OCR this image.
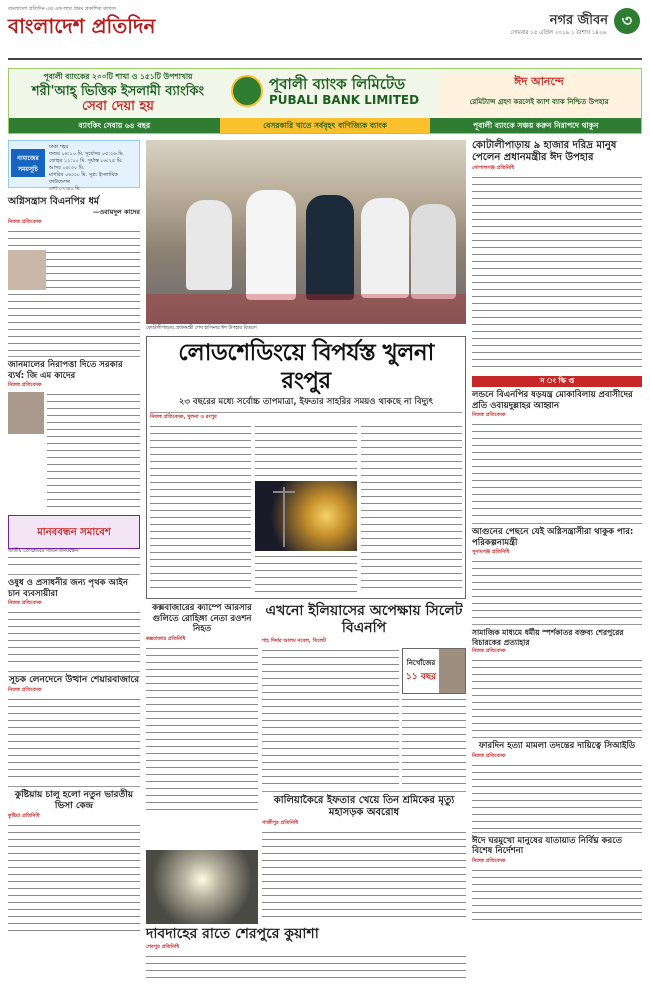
বাংলাদেশ প্রতিদিন এর এক লাখ প্রথম প্রকাশিত কাগজ
বাংলাদেশ প্রতিদিন	নগর জীবন ৩
সোমবার ১৫ এপ্রিল ২০১৯ ১ বৈশাখ ১৪২৬
পূবালী ব্যাংকের ২০০টি শাখা ও ১৫১টি উপশাখায়
শরী'আহ্ ভিত্তিক ইসলামী ব্যাংকিং
সেবা দেয়া হয়
পূবালী ব্যাংক লিমিটেড
PUBALI BANK LIMITED
ঈদ আনন্দে
রেমিট্যান্স গ্রহণ করলেই ক্যাশ ব্যাক নিশ্চিত উপহার
ব্যাংকিং সেবায় ৬৪ বছর	বেসরকারি খাতে সর্ববৃহৎ বাণিজ্যিক ব্যাংক	পূবালী ব্যাংকে সঞ্চয় করুন নিরাপদে থাকুন
নামাজের সময়সূচি
ঢাকা শহর
ফজর ০৪:১০ মি. সূর্যোদয় ০৫:২৬ মি.
জোহর ১২:১০ মি. সূর্যাস্ত ০৬:২৫ মি.
আসর ০৪:৩০ মি.
মাগরিব ০৬:৩০ মি. সূত্র: ইসলামিক ফাউন্ডেশন
এশা ০৭:৪০ মি.
অগ্নিসন্ত্রাস বিএনপির ধর্ম
—ওবায়দুল কাদের
নিজস্ব প্রতিবেদক
জানমালের নিরাপত্তা দিতে সরকার ব্যর্থ: জি এম কাদের
নিজস্ব প্রতিবেদক
মানববন্ধন সমাবেশ
জাতীয় প্রেসক্লাবের সামনে মানববন্ধন
ওষুধ ও প্রসাধনীর জন্য পৃথক আইন চান ব্যবসায়ীরা
নিজস্ব প্রতিবেদক
সূচক লেনদেনে উত্থান শেয়ারবাজারে
নিজস্ব প্রতিবেদক
কুষ্টিয়ায় চালু হলো নতুন ভারতীয় ভিসা কেন্দ্র
কুষ্টিয়া প্রতিনিধি
কোটালীপাড়ায় প্রধানমন্ত্রী শেখ হাসিনার ঈদ উপহার বিতরণ
লোডশেডিংয়ে বিপর্যস্ত খুলনা রংপুর
২৩ বছরের মধ্যে সর্বোচ্চ তাপমাত্রা, ইফতার সাহরির সময়ও থাকছে না বিদ্যুৎ
নিজস্ব প্রতিবেদক, খুলনা ও রংপুর
কক্সবাজারের ক্যাম্পে আরসার গুলিতে রোহিঙ্গা নেতা রওশন নিহত
কক্সবাজার প্রতিনিধি
এখনো ইলিয়াসের অপেক্ষায় সিলেট বিএনপি
শাহ দিদার আলম নবেল, সিলেট
নিখোঁজের
১১ বছর
কালিয়াকৈরে ইফতার খেয়ে তিন শ্রমিকের মৃত্যু মহাসড়ক অবরোধ
গাজীপুর প্রতিনিধি
দাবদাহের রাতে শেরপুরে কুয়াশা
শেরপুর প্রতিনিধি
কোটালীপাড়ায় ৯ হাজার দরিদ্র মানুষ পেলেন প্রধানমন্ত্রীর ঈদ উপহার
গোপালগঞ্জ প্রতিনিধি
স ং ক্ষি প্ত
লন্ডনে বিএনপির ষড়যন্ত্র মোকাবিলায় প্রবাসীদের প্রতি ওবায়দুল্লাহর আহ্বান
নিজস্ব প্রতিবেদক
আগুনের পেছনে যেই অগ্নিসন্ত্রাসীরা থাকুক পার: পরিকল্পনামন্ত্রী
সুনামগঞ্জ প্রতিনিধি
সামাজিক মাধ্যমে ধর্মীয় স্পর্শকাতর বক্তব্য শেরপুরের বিচারকের প্রত্যাহার
নিজস্ব প্রতিবেদক
ফারদিন হত্যা মামলা তদন্তের দায়িত্বে সিআইডি
নিজস্ব প্রতিবেদক
ঈদে ঘরমুখো মানুষের যাতায়াত নির্বিঘ্ন করতে বিশেষ নির্দেশনা
নিজস্ব প্রতিবেদক
